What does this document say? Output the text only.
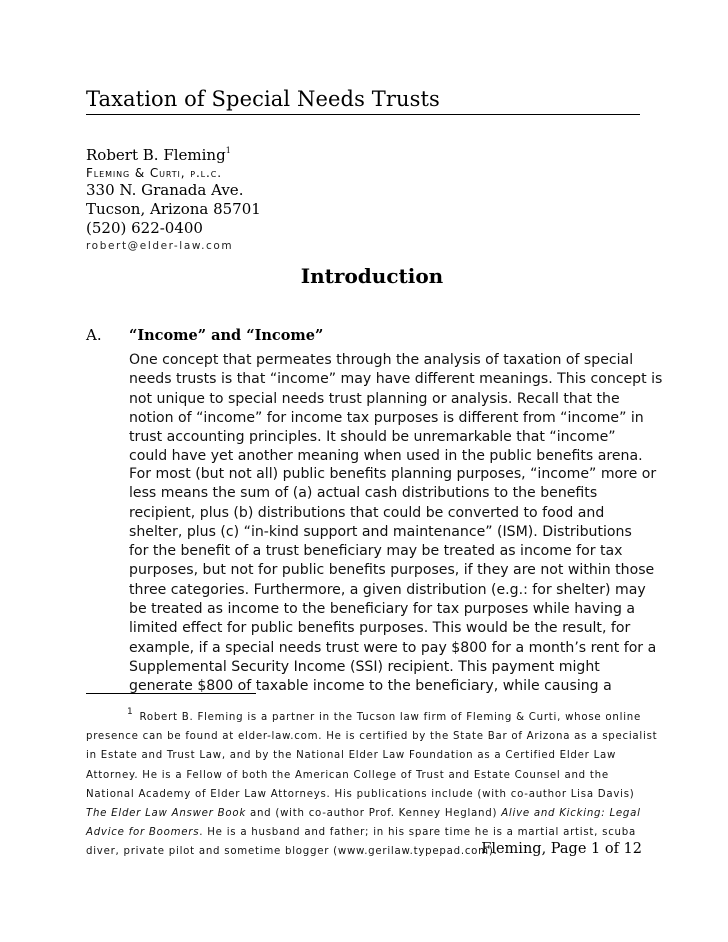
Taxation of Special Needs Trusts
Robert B. Fleming$^1$
Fleming & Curti, p.l.c.
330 N. Granada Ave.
Tucson, Arizona 85701
(520) 622-0400
robert@elder-law.com
Introduction
A. “Income” and “Income”
One concept that permeates through the analysis of taxation of special
needs trusts is that “income” may have different meanings. This concept is
not unique to special needs trust planning or analysis. Recall that the
notion of “income” for income tax purposes is different from “income” in
trust accounting principles. It should be unremarkable that “income”
could have yet another meaning when used in the public benefits arena.
For most (but not all) public benefits planning purposes, “income” more or
less means the sum of (a) actual cash distributions to the benefits
recipient, plus (b) distributions that could be converted to food and
shelter, plus (c) “in-kind support and maintenance” (ISM). Distributions
for the benefit of a trust beneficiary may be treated as income for tax
purposes, but not for public benefits purposes, if they are not within those
three categories. Furthermore, a given distribution (e.g.: for shelter) may
be treated as income to the beneficiary for tax purposes while having a
limited effect for public benefits purposes. This would be the result, for
example, if a special needs trust were to pay $800 for a month’s rent for a
Supplemental Security Income (SSI) recipient. This payment might
generate $800 of taxable income to the beneficiary, while causing a
$^1$ Robert B. Fleming is a partner in the Tucson law firm of Fleming & Curti, whose online
presence can be found at elder-law.com. He is certified by the State Bar of Arizona as a specialist
in Estate and Trust Law, and by the National Elder Law Foundation as a Certified Elder Law
Attorney. He is a Fellow of both the American College of Trust and Estate Counsel and the
National Academy of Elder Law Attorneys. His publications include (with co-author Lisa Davis)
The Elder Law Answer Book and (with co-author Prof. Kenney Hegland) Alive and Kicking: Legal
Advice for Boomers. He is a husband and father; in his spare time he is a martial artist, scuba
diver, private pilot and sometime blogger (www.gerilaw.typepad.com).
Fleming, Page 1 of 12
